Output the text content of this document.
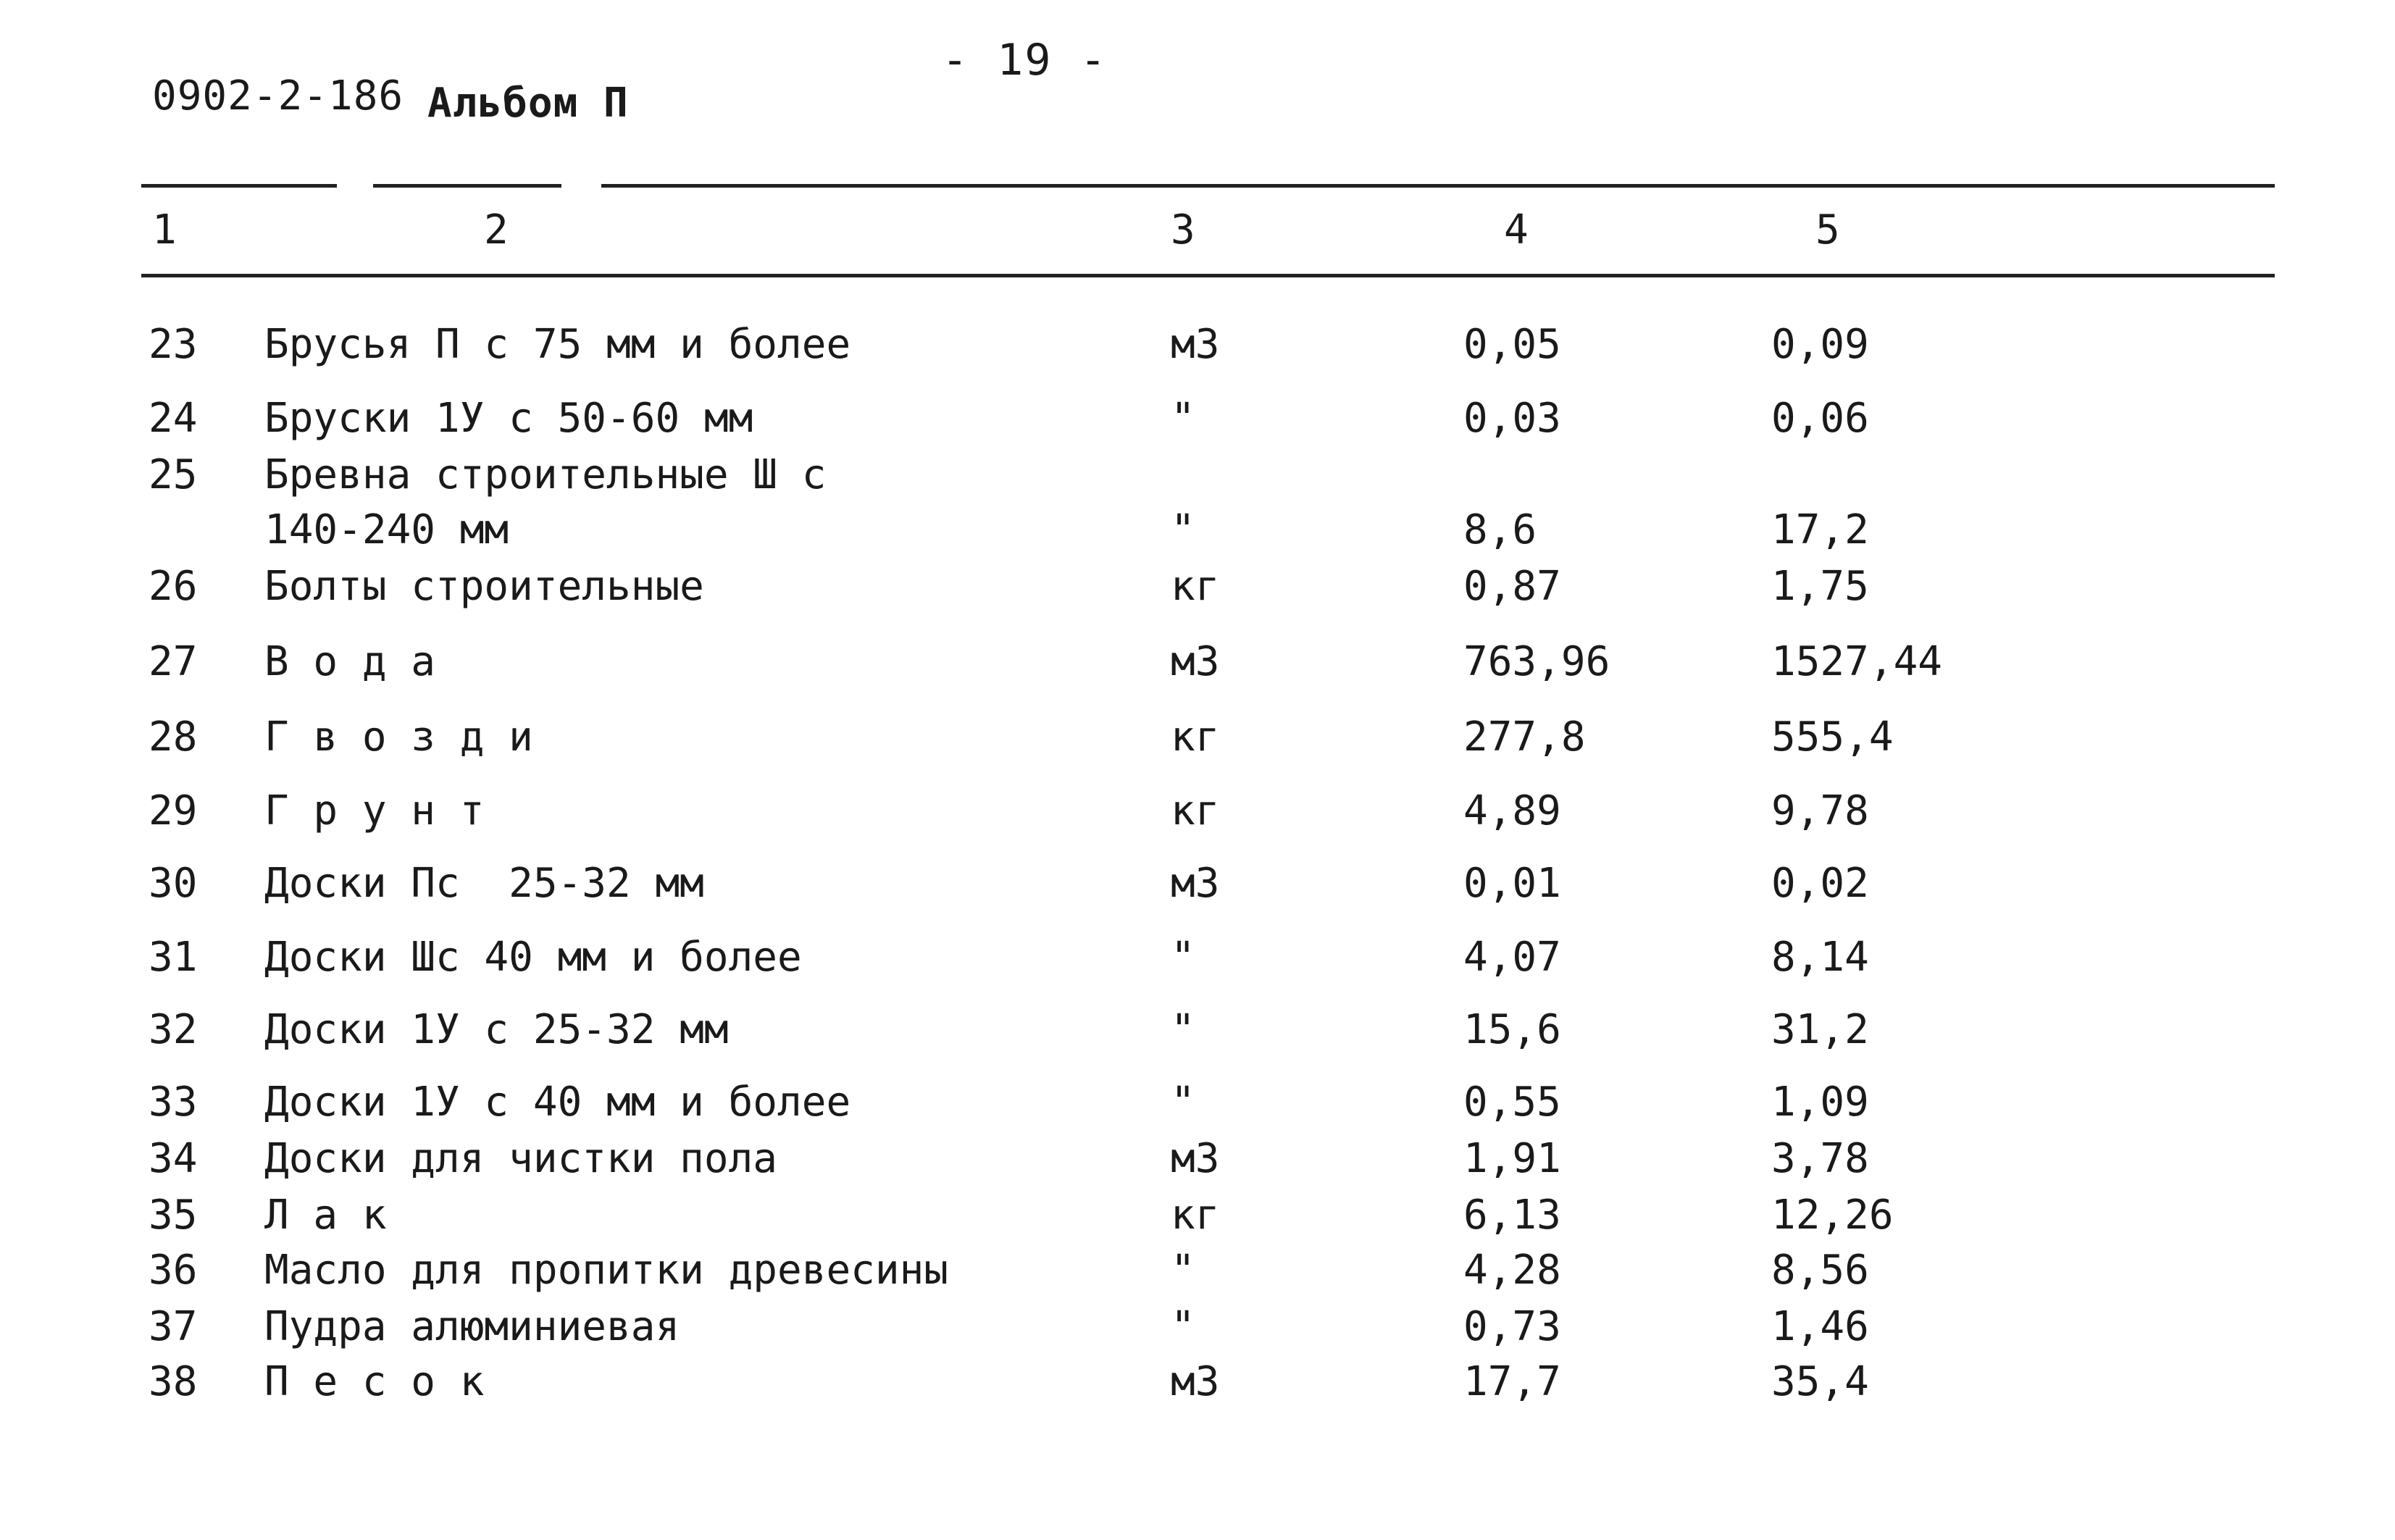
0902-2-186 Альбом П
- 19 -
1	2	3	4	5
23 Брусья П с 75 мм и более	м3	0,05	0,09
24 Бруски 1У с 50-60 мм	"	0,03	0,06
25 Бревна строительные Ш с
140-240 мм	"	8,6	17,2
26 Болты строительные	кг	0,87	1,75
27 В о д а	м3	763,96	1527,44
28 Г в о з д и	кг	277,8	555,4
29 Г р у н т	кг	4,89	9,78
30 Доски Пс  25-32 мм	м3	0,01	0,02
31 Доски Шс 40 мм и более	"	4,07	8,14
32 Доски 1У с 25-32 мм	"	15,6	31,2
33 Доски 1У с 40 мм и более	"	0,55	1,09
34 Доски для чистки пола	м3	1,91	3,78
35 Л а к	кг	6,13	12,26
36 Масло для пропитки древесины	"	4,28	8,56
37 Пудра алюминиевая	"	0,73	1,46
38 П е с о к	м3	17,7	35,4
